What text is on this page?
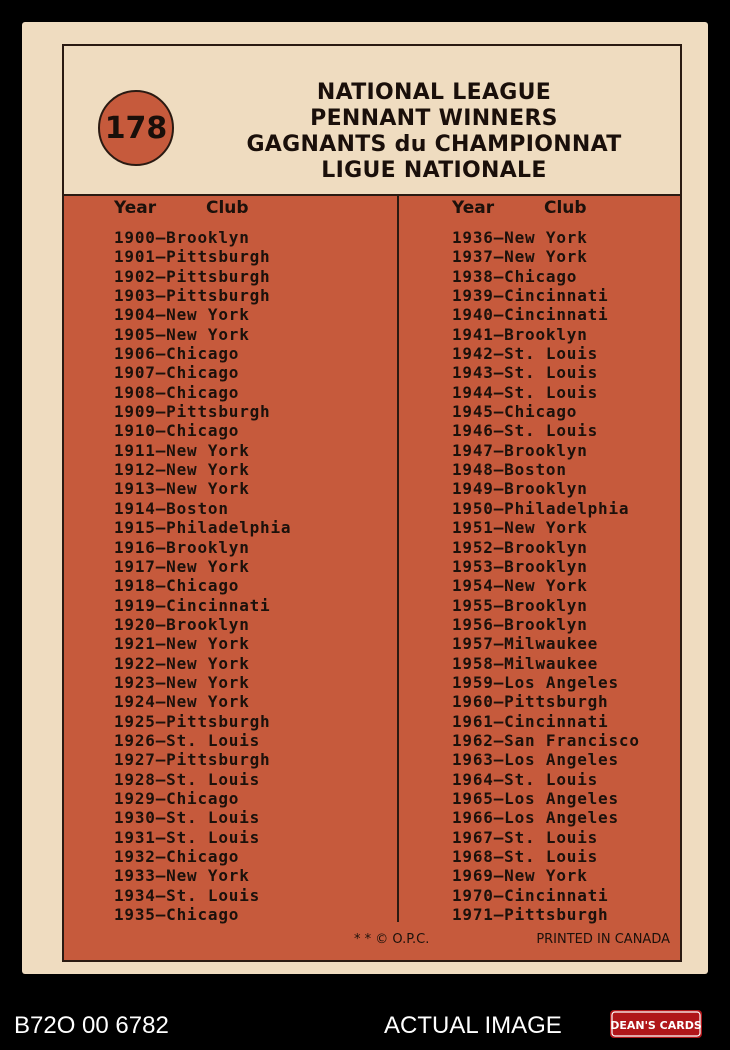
178
NATIONAL LEAGUE
PENNANT WINNERS
GAGNANTS du CHAMPIONNAT
LIGUE NATIONALE
Year	Club
1900—Brooklyn
1901—Pittsburgh
1902—Pittsburgh
1903—Pittsburgh
1904—New York
1905—New York
1906—Chicago
1907—Chicago
1908—Chicago
1909—Pittsburgh
1910—Chicago
1911—New York
1912—New York
1913—New York
1914—Boston
1915—Philadelphia
1916—Brooklyn
1917—New York
1918—Chicago
1919—Cincinnati
1920—Brooklyn
1921—New York
1922—New York
1923—New York
1924—New York
1925—Pittsburgh
1926—St. Louis
1927—Pittsburgh
1928—St. Louis
1929—Chicago
1930—St. Louis
1931—St. Louis
1932—Chicago
1933—New York
1934—St. Louis
1935—Chicago
Year	Club
1936—New York
1937—New York
1938—Chicago
1939—Cincinnati
1940—Cincinnati
1941—Brooklyn
1942—St. Louis
1943—St. Louis
1944—St. Louis
1945—Chicago
1946—St. Louis
1947—Brooklyn
1948—Boston
1949—Brooklyn
1950—Philadelphia
1951—New York
1952—Brooklyn
1953—Brooklyn
1954—New York
1955—Brooklyn
1956—Brooklyn
1957—Milwaukee
1958—Milwaukee
1959—Los Angeles
1960—Pittsburgh
1961—Cincinnati
1962—San Francisco
1963—Los Angeles
1964—St. Louis
1965—Los Angeles
1966—Los Angeles
1967—St. Louis
1968—St. Louis
1969—New York
1970—Cincinnati
1971—Pittsburgh
* * © O.P.C.	PRINTED IN CANADA
B72O 00 6782	ACTUAL IMAGE	DEAN'S CARDS
